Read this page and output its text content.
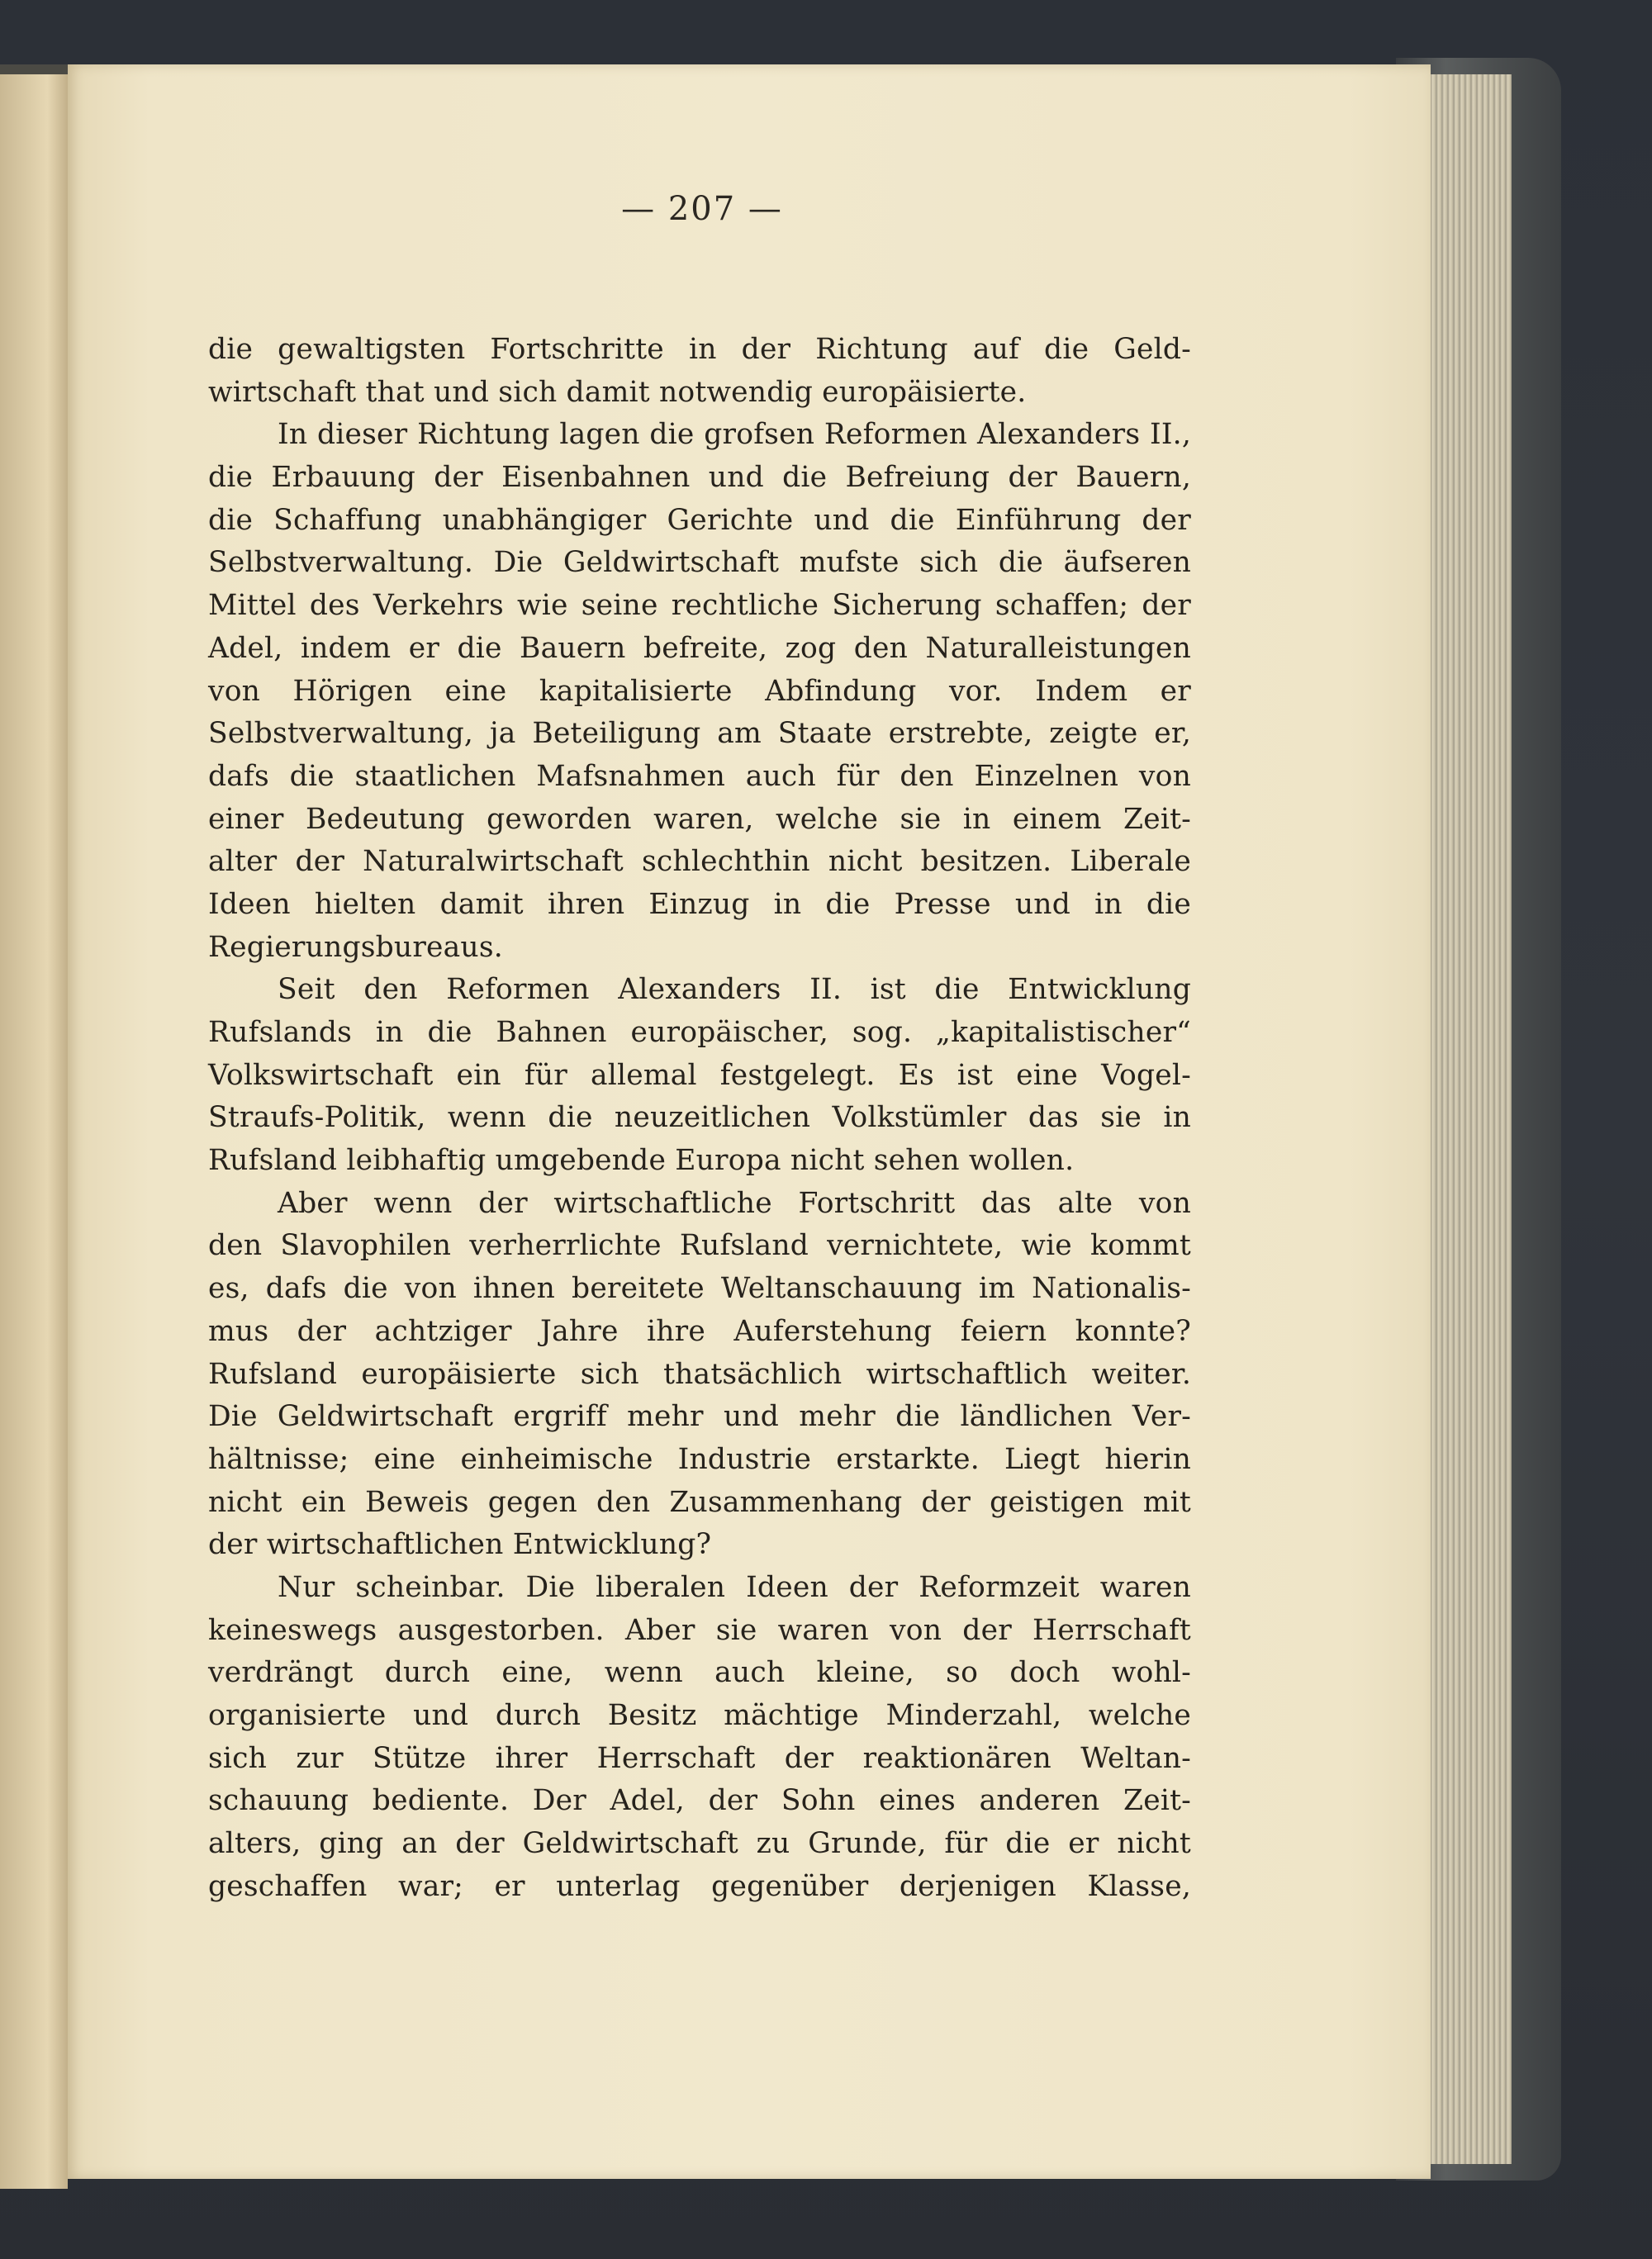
— 207 —
die gewaltigsten Fortschritte in der Richtung auf die Geld-
wirtschaft that und sich damit notwendig europäisierte.
In dieser Richtung lagen die grofsen Reformen Alexanders II.,
die Erbauung der Eisenbahnen und die Befreiung der Bauern,
die Schaffung unabhängiger Gerichte und die Einführung der
Selbstverwaltung. Die Geldwirtschaft mufste sich die äufseren
Mittel des Verkehrs wie seine rechtliche Sicherung schaffen; der
Adel, indem er die Bauern befreite, zog den Naturalleistungen
von Hörigen eine kapitalisierte Abfindung vor. Indem er
Selbstverwaltung, ja Beteiligung am Staate erstrebte, zeigte er,
dafs die staatlichen Mafsnahmen auch für den Einzelnen von
einer Bedeutung geworden waren, welche sie in einem Zeit-
alter der Naturalwirtschaft schlechthin nicht besitzen. Liberale
Ideen hielten damit ihren Einzug in die Presse und in die
Regierungsbureaus.
Seit den Reformen Alexanders II. ist die Entwicklung
Rufslands in die Bahnen europäischer, sog. „kapitalistischer“
Volkswirtschaft ein für allemal festgelegt. Es ist eine Vogel-
Straufs-Politik, wenn die neuzeitlichen Volkstümler das sie in
Rufsland leibhaftig umgebende Europa nicht sehen wollen.
Aber wenn der wirtschaftliche Fortschritt das alte von
den Slavophilen verherrlichte Rufsland vernichtete, wie kommt
es, dafs die von ihnen bereitete Weltanschauung im Nationalis-
mus der achtziger Jahre ihre Auferstehung feiern konnte?
Rufsland europäisierte sich thatsächlich wirtschaftlich weiter.
Die Geldwirtschaft ergriff mehr und mehr die ländlichen Ver-
hältnisse; eine einheimische Industrie erstarkte. Liegt hierin
nicht ein Beweis gegen den Zusammenhang der geistigen mit
der wirtschaftlichen Entwicklung?
Nur scheinbar. Die liberalen Ideen der Reformzeit waren
keineswegs ausgestorben. Aber sie waren von der Herrschaft
verdrängt durch eine, wenn auch kleine, so doch wohl-
organisierte und durch Besitz mächtige Minderzahl, welche
sich zur Stütze ihrer Herrschaft der reaktionären Weltan-
schauung bediente. Der Adel, der Sohn eines anderen Zeit-
alters, ging an der Geldwirtschaft zu Grunde, für die er nicht
geschaffen war; er unterlag gegenüber derjenigen Klasse,
